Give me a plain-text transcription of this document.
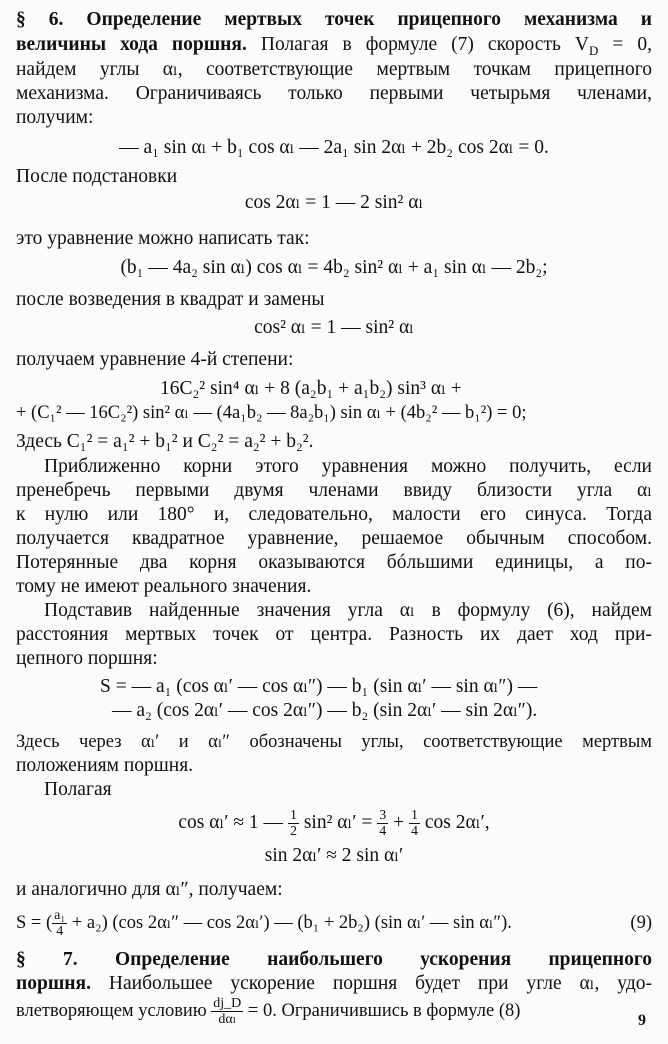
§ 6. Определение мертвых точек прицепного механизма и
величины хода поршня. Полагая в формуле (7) скорость $V_D = 0$,
найдем углы αₗ, соответствующие мертвым точкам прицепного
механизма. Ограничиваясь только первыми четырьмя членами,
получим:
— a₁ sin αₗ + b₁ cos αₗ — 2a₁ sin 2αₗ + 2b₂ cos 2αₗ = 0.
После подстановки
cos 2αₗ = 1 — 2 sin² αₗ
это уравнение можно написать так:
(b₁ — 4a₂ sin αₗ) cos αₗ = 4b₂ sin² αₗ + a₁ sin αₗ — 2b₂;
после возведения в квадрат и замены
cos² αₗ = 1 — sin² αₗ
получаем уравнение 4-й степени:
16C₂² sin⁴ αₗ + 8 (a₂b₁ + a₁b₂) sin³ αₗ +
+ (C₁² — 16C₂²) sin² αₗ — (4a₁b₂ — 8a₂b₁) sin αₗ + (4b₂² — b₁²) = 0;
Здесь C₁² = a₁² + b₁² и C₂² = a₂² + b₂².
Приближенно корни этого уравнения можно получить, если
пренебречь первыми двумя членами ввиду близости угла αₗ
к нулю или 180° и, следовательно, малости его синуса. Тогда
получается квадратное уравнение, решаемое обычным способом.
Потерянные два корня оказываются бóльшими единицы, а по-
тому не имеют реального значения.
Подставив найденные значения угла αₗ в формулу (6), найдем
расстояния мертвых точек от центра. Разность их дает ход при-
цепного поршня:
S = — a₁ (cos αₗ′ — cos αₗ″) — b₁ (sin αₗ′ — sin αₗ″) —
— a₂ (cos 2αₗ′ — cos 2αₗ″) — b₂ (sin 2αₗ′ — sin 2αₗ″).
Здесь через αₗ′ и αₗ″ обозначены углы, соответствующие мертвым
положениям поршня.
Полагая
cos αₗ′ ≈ 1 — $\frac{1}{2} \sin^2$ $\alpha_l' = \frac{3}{4} + \frac{1}{4}$ cos 2αₗ′,
sin 2αₗ′ ≈ 2 sin αₗ′
и аналогично для αₗ″, получаем:
S = ( $\frac{\text{a₁}}{4} + a_2$) (cos 2αₗ″ — cos 2αₗ′) — (b₁ + 2b₂) (sin αₗ′ — sin αₗ″).	(9)
§ 7. Определение наибольшего ускорения прицепного
поршня. Наибольшее ускорение поршня будет при угле αₗ, удо-
влетворяющем условию $\frac{dj\_D}{\text{dαₗ}} = 0$. Ограничившись в формуле (8)	9
